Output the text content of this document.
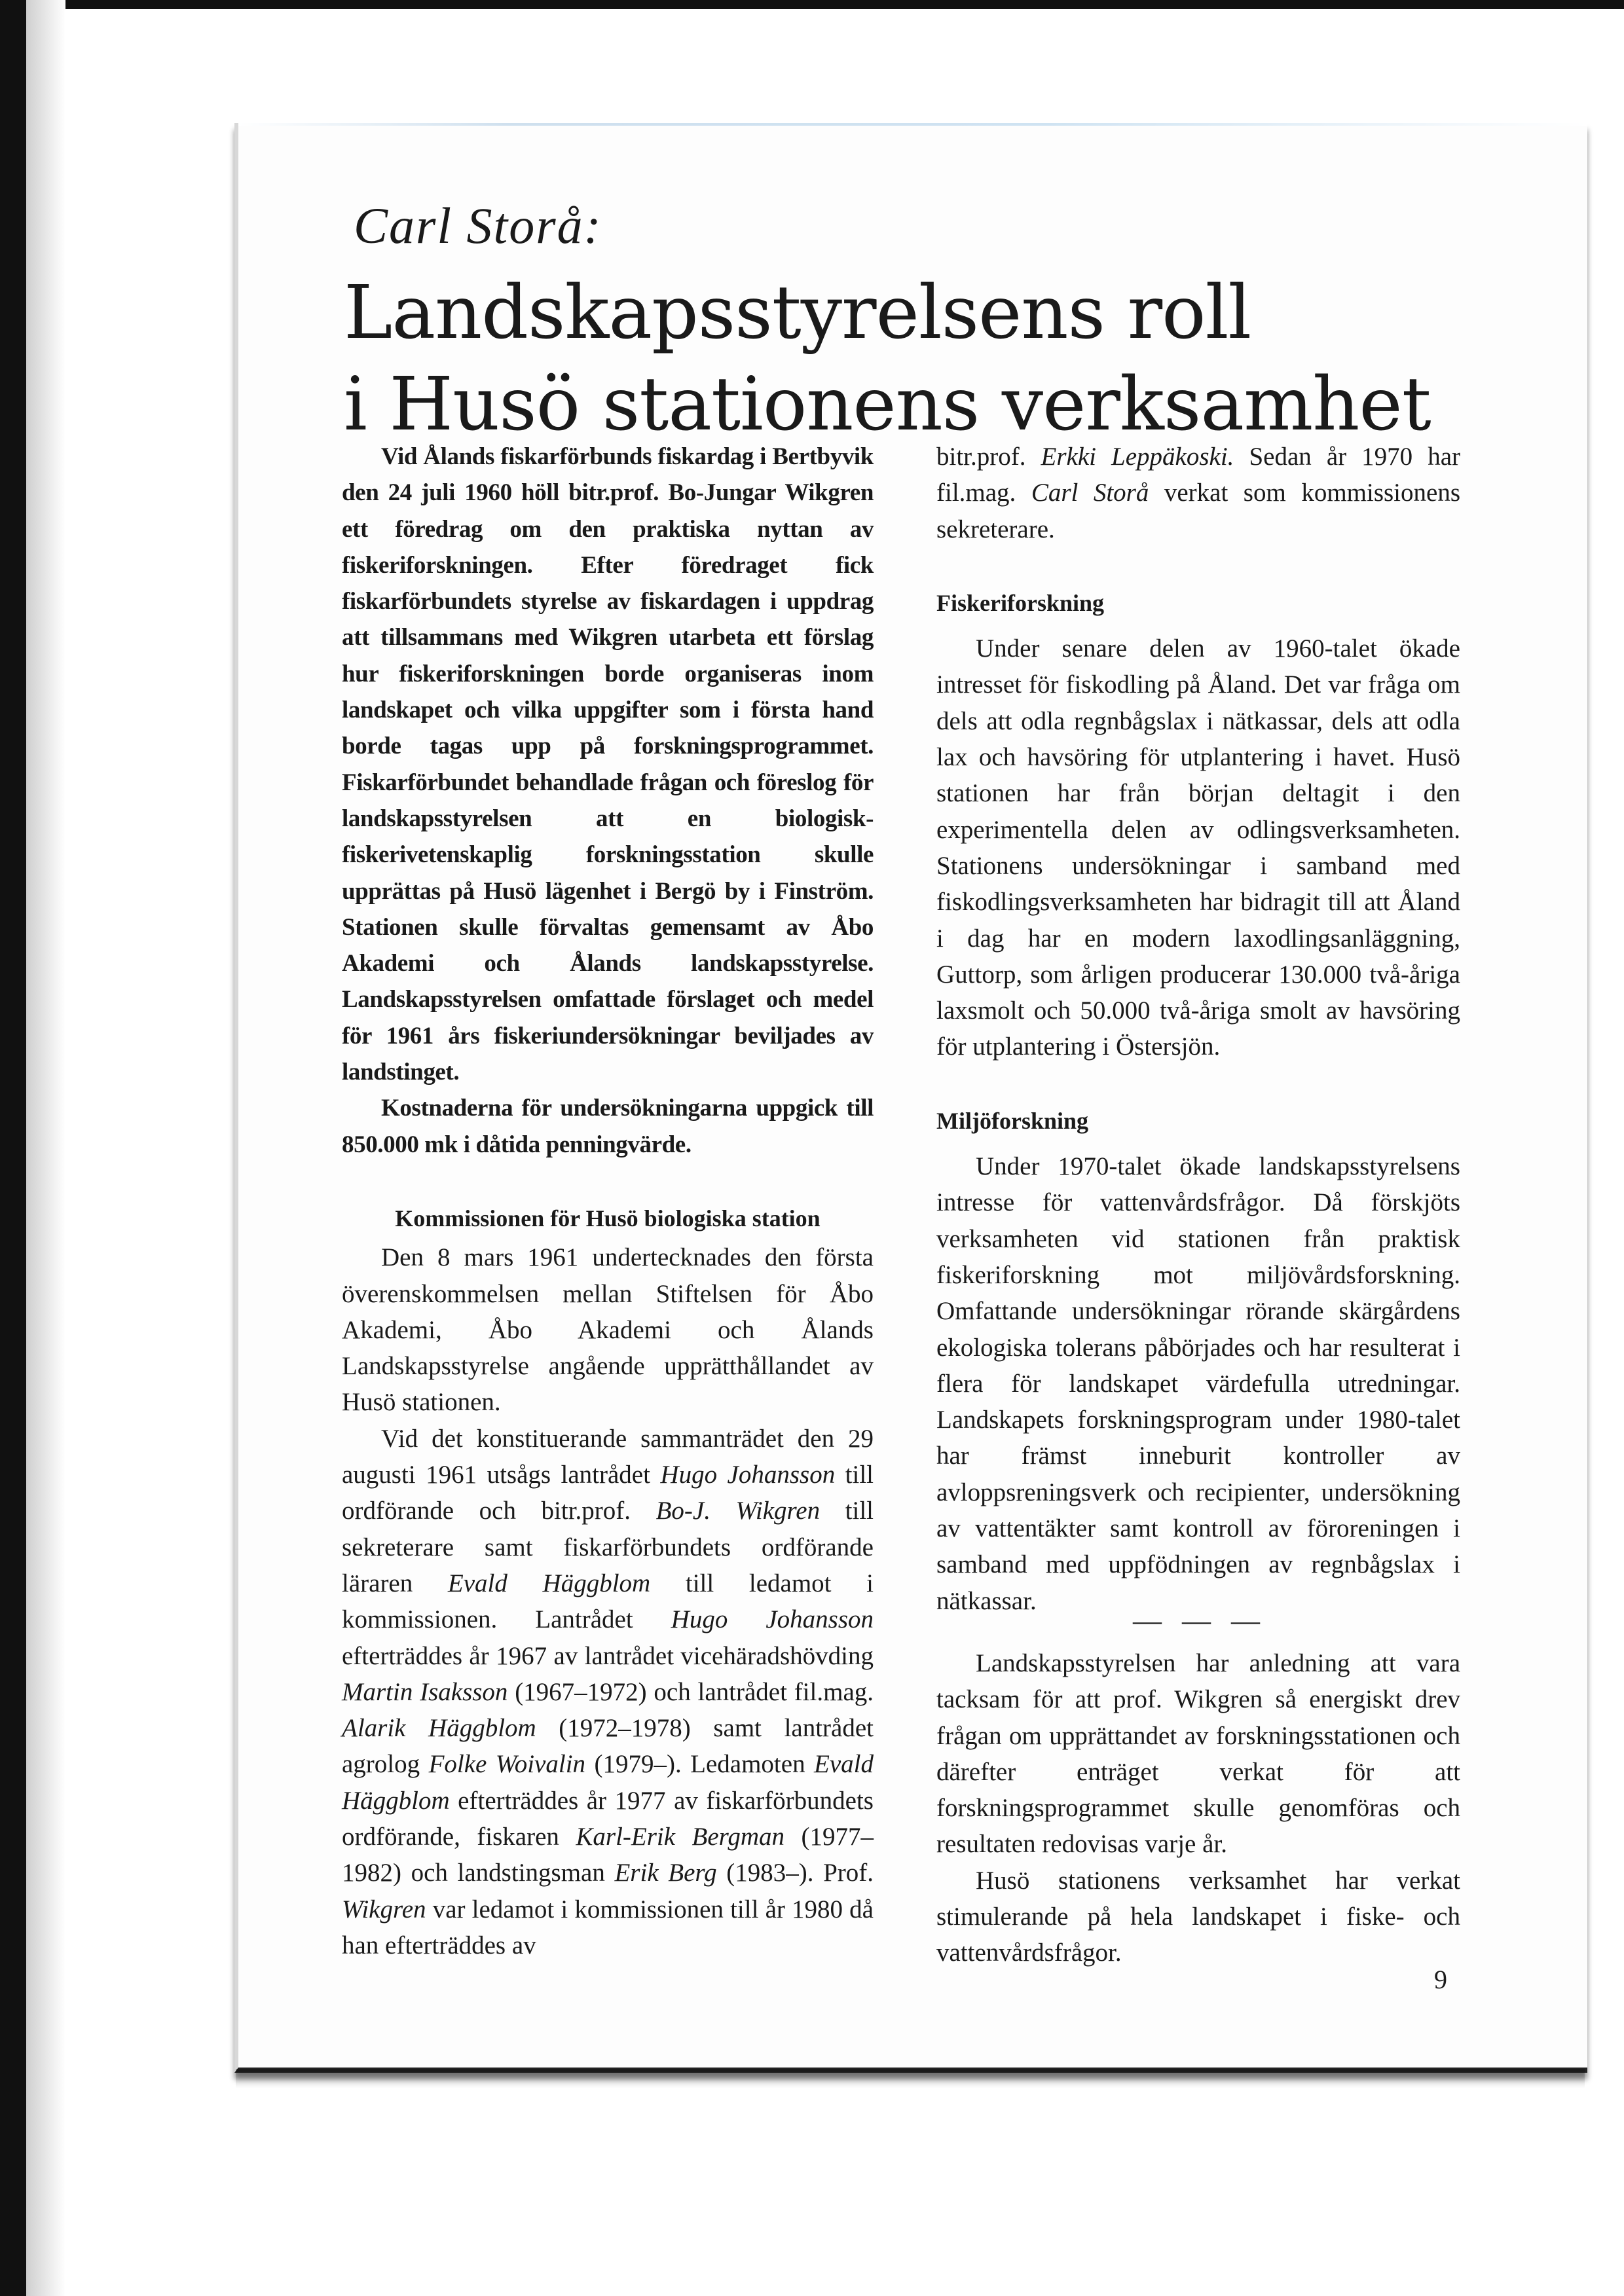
Carl Storå:

Landskapsstyrelsens roll
i Husö stationens verksamhet

Vid Ålands fiskarförbunds fiskardag i Bertbyvik den 24 juli 1960 höll bitr.prof. Bo-Jungar Wikgren ett föredrag om den praktiska nyttan av fiskeriforskningen. Efter föredraget fick fiskarförbundets styrelse av fiskardagen i uppdrag att tillsammans med Wikgren utarbeta ett förslag hur fiskeriforskningen borde organiseras inom landskapet och vilka uppgifter som i första hand borde tagas upp på forskningsprogrammet. Fiskarförbundet behandlade frågan och föreslog för landskapsstyrelsen att en biologisk-fiskerivetenskaplig forskningsstation skulle upprättas på Husö lägenhet i Bergö by i Finström. Stationen skulle förvaltas gemensamt av Åbo Akademi och Ålands landskapsstyrelse. Landskapsstyrelsen omfattade förslaget och medel för 1961 års fiskeriundersökningar beviljades av landstinget.

Kostnaderna för undersökningarna uppgick till 850.000 mk i dåtida penningvärde.

Kommissionen för Husö biologiska station

Den 8 mars 1961 undertecknades den första överenskommelsen mellan Stiftelsen för Åbo Akademi, Åbo Akademi och Ålands Landskapsstyrelse angående upprätthållandet av Husö stationen.

Vid det konstituerande sammanträdet den 29 augusti 1961 utsågs lantrådet Hugo Johansson till ordförande och bitr.prof. Bo-J. Wikgren till sekreterare samt fiskarförbundets ordförande läraren Evald Häggblom till ledamot i kommissionen. Lantrådet Hugo Johansson efterträddes år 1967 av lantrådet vicehäradshövding Martin Isaksson (1967–1972) och lantrådet fil.mag. Alarik Häggblom (1972–1978) samt lantrådet agrolog Folke Woivalin (1979–). Ledamoten Evald Häggblom efterträddes år 1977 av fiskarförbundets ordförande, fiskaren Karl-Erik Bergman (1977–1982) och landstingsman Erik Berg (1983–). Prof. Wikgren var ledamot i kommissionen till år 1980 då han efterträddes av

bitr.prof. Erkki Leppäkoski. Sedan år 1970 har fil.mag. Carl Storå verkat som kommissionens sekreterare.

Fiskeriforskning

Under senare delen av 1960-talet ökade intresset för fiskodling på Åland. Det var fråga om dels att odla regnbågslax i nätkassar, dels att odla lax och havsöring för utplantering i havet. Husö stationen har från början deltagit i den experimentella delen av odlingsverksamheten. Stationens undersökningar i samband med fiskodlingsverksamheten har bidragit till att Åland i dag har en modern laxodlingsanläggning, Guttorp, som årligen producerar 130.000 två-åriga laxsmolt och 50.000 två-åriga smolt av havsöring för utplantering i Östersjön.

Miljöforskning

Under 1970-talet ökade landskapsstyrelsens intresse för vattenvårdsfrågor. Då förskjöts verksamheten vid stationen från praktisk fiskeriforskning mot miljövårdsforskning. Omfattande undersökningar rörande skärgårdens ekologiska tolerans påbörjades och har resulterat i flera för landskapet värdefulla utredningar. Landskapets forskningsprogram under 1980-talet har främst inneburit kontroller av avloppsreningsverk och recipienter, undersökning av vattentäkter samt kontroll av föroreningen i samband med uppfödningen av regnbågslax i nätkassar.

Landskapsstyrelsen har anledning att vara tacksam för att prof. Wikgren så energiskt drev frågan om upprättandet av forskningsstationen och därefter enträget verkat för att forskningsprogrammet skulle genomföras och resultaten redovisas varje år.

Husö stationens verksamhet har verkat stimulerande på hela landskapet i fiske- och vattenvårdsfrågor.

— — —
9
